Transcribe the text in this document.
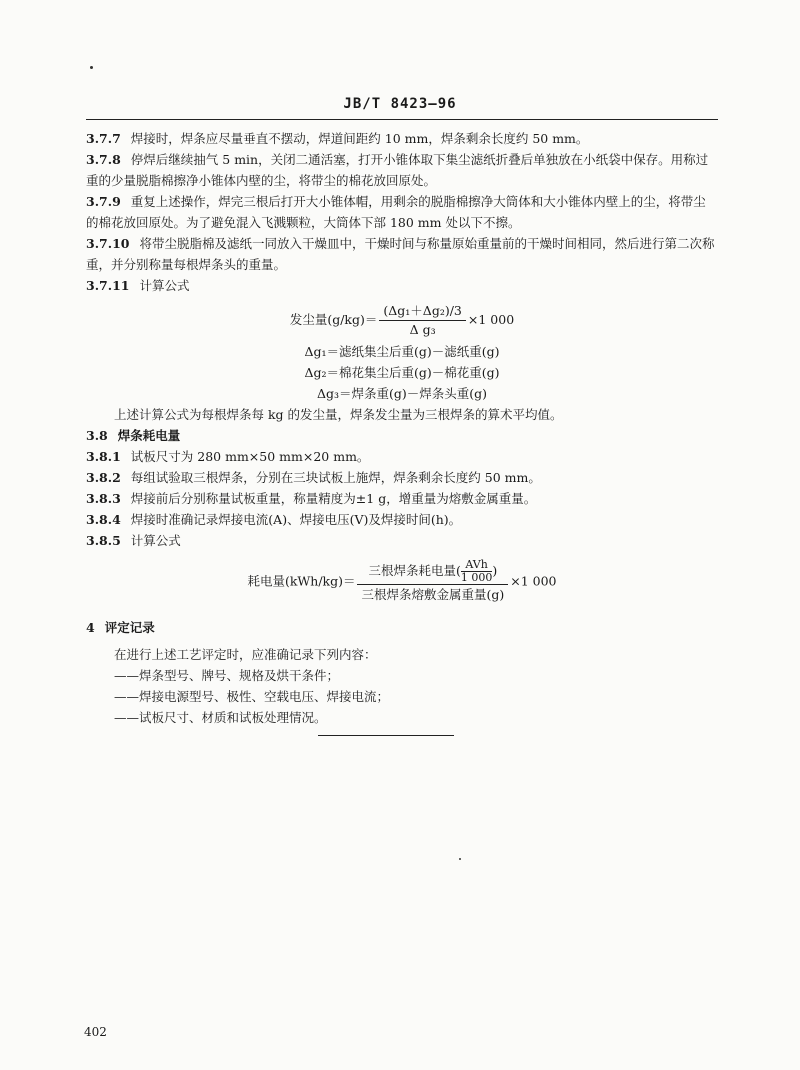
JB/T 8423—96

3.7.7 焊接时，焊条应尽量垂直不摆动，焊道间距约 10 mm，焊条剩余长度约 50 mm。

3.7.8 停焊后继续抽气 5 min，关闭二通活塞，打开小锥体取下集尘滤纸折叠后单独放在小纸袋中保存。用称过重的少量脱脂棉擦净小锥体内壁的尘，将带尘的棉花放回原处。

3.7.9 重复上述操作，焊完三根后打开大小锥体帽，用剩余的脱脂棉擦净大筒体和大小锥体内壁上的尘，将带尘的棉花放回原处。为了避免混入飞溅颗粒，大筒体下部 180 mm 处以下不擦。

3.7.10 将带尘脱脂棉及滤纸一同放入干燥皿中，干燥时间与称量原始重量前的干燥时间相同，然后进行第二次称重，并分别称量每根焊条头的重量。

3.7.11 计算公式

发尘量$(g/kg)= \frac{\text{(Δg₁＋Δg₂)/3}}{\text{Δ g₃}} \times 1$ 000
Δg₁＝滤纸集尘后重(g)－滤纸重(g)
Δg₂＝棉花集尘后重(g)－棉花重(g)
Δg₃＝焊条重(g)－焊条头重(g)

上述计算公式为每根焊条每 kg 的发尘量，焊条发尘量为三根焊条的算术平均值。

3.8 焊条耗电量

3.8.1 试板尺寸为 280 mm×50 mm×20 mm。

3.8.2 每组试验取三根焊条，分别在三块试板上施焊，焊条剩余长度约 50 mm。

3.8.3 焊接前后分别称量试板重量，称量精度为±1 g，增重量为熔敷金属重量。

3.8.4 焊接时准确记录焊接电流(A)、焊接电压(V)及焊接时间(h)。

3.8.5 计算公式

耗电量(kWh/kg)＝
三根焊条耗电量( $\frac{\text{AVh}}{1 000}$ )
三根焊条熔敷金属重量(g)
×1 000

4 评定记录

在进行上述工艺评定时，应准确记录下列内容：

——焊条型号、牌号、规格及烘干条件；

——焊接电源型号、极性、空载电压、焊接电流；

——试板尺寸、材质和试板处理情况。

402
